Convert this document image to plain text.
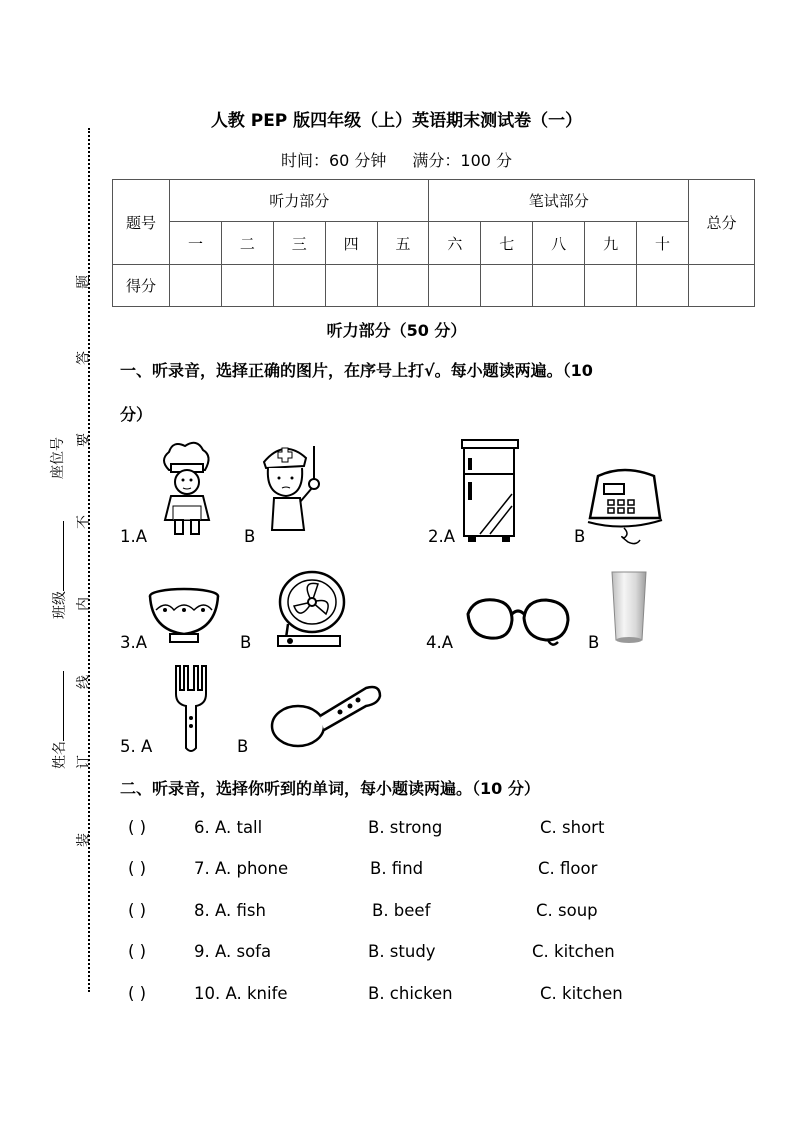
题
答
要
不
内
线
订
装
座位号
班级
姓名
人教 PEP 版四年级（上）英语期末测试卷（一）
时间：60 分钟 满分：100 分
题号	听力部分					笔试部分					总分
	一	二	三	四	五	六	七	八	九	十	
得分											
听力部分（50 分）
一、听录音，选择正确的图片，在序号上打√。每小题读两遍。（10
分）
1.A	B	2.A	B
3.A	B	4.A	B
5. A	B
二、听录音，选择你听到的单词，每小题读两遍。（10 分）
( )	6. A. tall	B. strong	C. short
( )	7. A. phone	B. find	C. floor
( )	8. A. fish	B. beef	C. soup
( )	9. A. sofa	B. study	C. kitchen
( )	10. A. knife	B. chicken	C. kitchen
